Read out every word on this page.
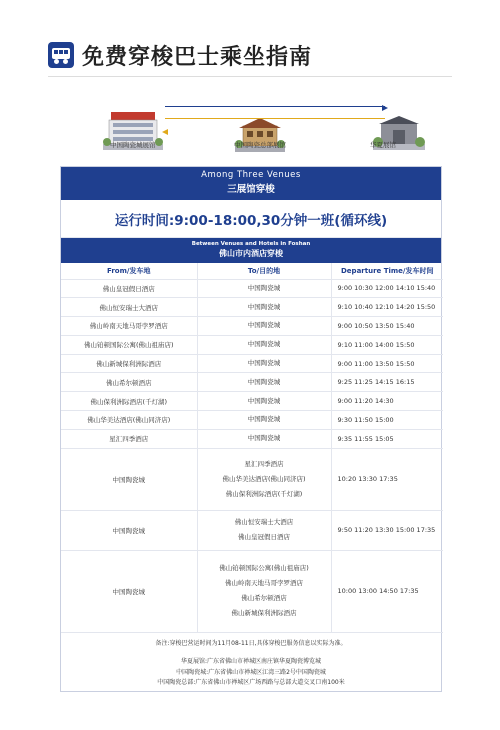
免费穿梭巴士乘坐指南
中国陶瓷城展馆	中国陶瓷总部展馆	华夏展馆
Among Three Venues
三展馆穿梭
运行时间:9:00-18:00,30分钟一班(循环线)
Between Venues and Hotels in Foshan
佛山市内酒店穿梭
From/发车地	To/目的地	Departure Time/发车时间
佛山皇冠假日酒店	中国陶瓷城	9:00 10:30 12:00 14:10 15:40
佛山恒安瑞士大酒店	中国陶瓷城	9:10 10:40 12:10 14:20 15:50
佛山岭南天地马哥孛罗酒店	中国陶瓷城	9:00 10:50 13:50 15:40
佛山铂顿国际公寓(佛山祖庙店)	中国陶瓷城	9:10 11:00 14:00 15:50
佛山新城保利洲际酒店	中国陶瓷城	9:00 11:00 13:50 15:50
佛山希尔顿酒店	中国陶瓷城	9:25 11:25 14:15 16:15
佛山保利洲际酒店(千灯湖)	中国陶瓷城	9:00 11:20 14:30
佛山华美达酒店(佛山同济店)	中国陶瓷城	9:30 11:50 15:00
星汇四季酒店	中国陶瓷城	9:35 11:55 15:05
中国陶瓷城	星汇四季酒店
佛山华美达酒店(佛山同济店)
佛山保利洲际酒店(千灯湖)	10:20 13:30 17:35
中国陶瓷城	佛山恒安瑞士大酒店
佛山皇冠假日酒店	9:50 11:20 13:30 15:00 17:35
中国陶瓷城	佛山铂顿国际公寓(佛山祖庙店)
佛山岭南天地马哥孛罗酒店
佛山希尔顿酒店
佛山新城保利洲际酒店	10:00 13:00 14:50 17:35
备注:穿梭巴营运时间为11月08-11日,具体穿梭巴服务信息以实际为准。
华夏展馆:广东省佛山市禅城区南庄镇华夏陶瓷博览城
中国陶瓷城:广东省佛山市禅城区江湾三路2号中国陶瓷城
中国陶瓷总部:广东省佛山市禅城区广场西路与总部大道交叉口南100米
